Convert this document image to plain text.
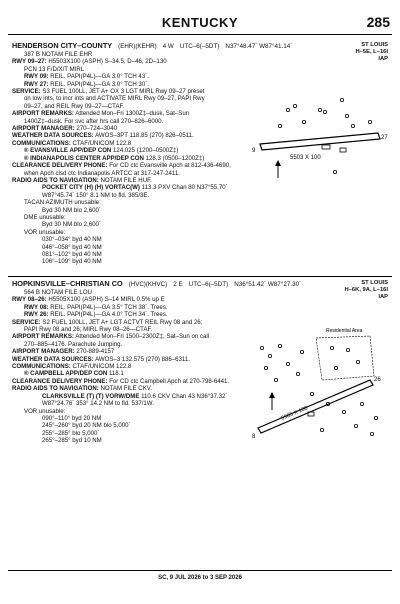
KENTUCKY	285
HENDERSON CITY–COUNTY (EHR)(KEHR) 4 W UTC–6(–5DT) N37°48.47´ W87°41.14´
387 B NOTAM FILE EHR
ST LOUIS
H–5E, L–16I
IAP
RWY 09–27: H5503X100 (ASPH) S–34.5, D–46, 2D–130
PCN 13 F/D/X/T MIRL
RWY 09: REIL. PAPI(P4L)—GA 3.0° TCH 43´.
RWY 27: REIL. PAPI(P4L)—GA 3.0° TCH 30´.
SERVICE: S3 FUEL 100LL, JET A+ OX 3 LGT MIRL Rwy 09–27 preset
on low ints, to incr ints and ACTIVATE MIRL Rwy 09–27, PAPI Rwy
09–27, and REIL Rwy 09–27—CTAF.
AIRPORT REMARKS: Attended Mon–Fri 1300Z‡–dusk, Sat–Sun
1400Z‡–dusk. For svc after hrs call 270–826–6000.
AIRPORT MANAGER: 270–724–3040
WEATHER DATA SOURCES: AWOS–3PT 118.85 (270) 826–0511.
COMMUNICATIONS: CTAF/UNICOM 122.8
® EVANSVILLE APP/DEP CON 124.025 (1200–0500Z‡)
® INDIANAPOLIS CENTER APP/DEP CON 128.3 (0500–1200Z‡)
CLEARANCE DELIVERY PHONE: For CD ctc Evansville Apch at 812-436-4690,
when Apch clsd ctc Indianapolis ARTCC at 317-247-2411.
RADIO AIDS TO NAVIGATION: NOTAM FILE HUF.
POCKET CITY (H) (H) VORTAC(W) 113.3 PXV Chan 80 N37°55.70´
W87°45.74´ 150° 8.1 NM to fld. 385/3E.
TACAN AZIMUTH unusable:
Byd 30 NM blo 2,600´
DME unusable:
Byd 30 NM blo 2,600´
VOR unusable:
030°–034° byd 40 NM
046°–058° byd 40 NM
081°–102° byd 40 NM
106°–109° byd 40 NM
5503 X 100
9
27
HOPKINSVILLE–CHRISTIAN CO (HVC)(KHVC) 2 E UTC–6(–5DT) N36°51.42´ W87°27.30´
564 B NOTAM FILE LOU
ST LOUIS
H–6K, 9A, L–16I
IAP
RWY 08–26: H5505X100 (ASPH) S–14 MIRL 0.5% up E
RWY 08: REIL. PAPI(P4L)—GA 3.5° TCH 38´. Trees.
RWY 26: REIL. PAPI(P4L)—GA 4.0° TCH 34´. Trees.
SERVICE: S2 FUEL 100LL, JET A+ LGT ACTVT REIL Rwy 08 and 26;
PAPI Rwy 08 and 26; MIRL Rwy 08–26—CTAF.
AIRPORT REMARKS: Attended Mon–Fri 1500–2300Z‡, Sat–Sun on call
270–885–4176. Parachute Jumping.
AIRPORT MANAGER: 270-889-4157
WEATHER DATA SOURCES: AWOS–3 132.575 (270) 886–6311.
COMMUNICATIONS: CTAF/UNICOM 122.8
® CAMPBELL APP/DEP CON 118.1
CLEARANCE DELIVERY PHONE: For CD ctc Campbell Apch at 270-798-6441.
RADIO AIDS TO NAVIGATION: NOTAM FILE CKV.
CLARKSVILLE (T) (T) VORW/DME 110.6 CKV Chan 43 N36°37.32´
W87°24.76´ 353° 14.2 NM to fld. 537/1W.
VOR unusable:
090°–110° byd 20 NM
245°–260° byd 20 NM blo 5,000´
255°–285° blo 5,000´
265°–285° byd 10 NM
Residential Area
5505 X 100
8
26
SC, 9 JUL 2026 to 3 SEP 2026
